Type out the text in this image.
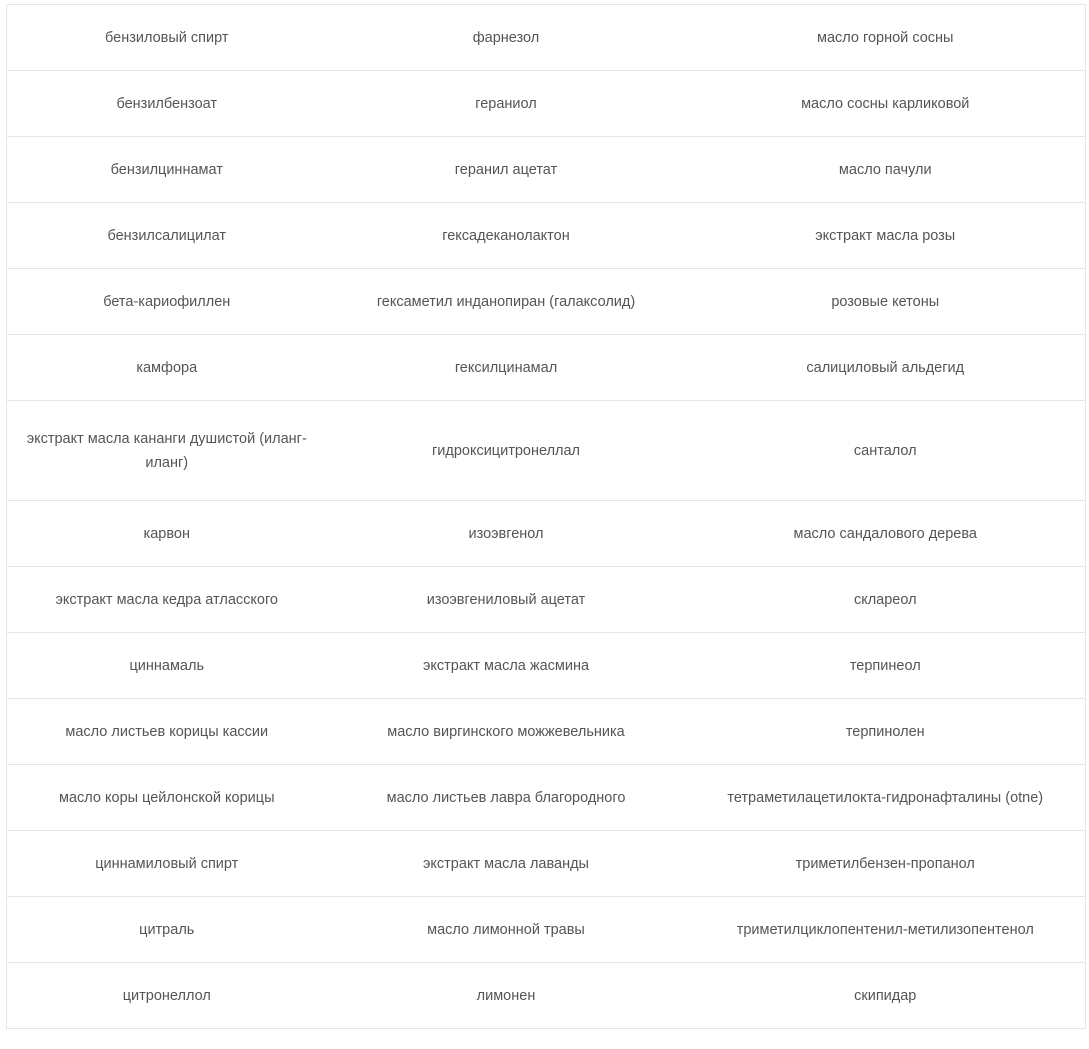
бензиловый спирт	фарнезол	масло горной сосны
бензилбензоат	гераниол	масло сосны карликовой
бензилциннамат	геранил ацетат	масло пачули
бензилсалицилат	гексадеканолактон	экстракт масла розы
бета-кариофиллен	гексаметил инданопиран (галаксолид)	розовые кетоны
камфора	гексилцинамал	салициловый альдегид
экстракт масла кананги душистой (иланг-иланг)	гидроксицитронеллал	санталол
карвон	изоэвгенол	масло сандалового дерева
экстракт масла кедра атласского	изоэвгениловый ацетат	склареол
циннамаль	экстракт масла жасмина	терпинеол
масло листьев корицы кассии	масло виргинского можжевельника	терпинолен
масло коры цейлонской корицы	масло листьев лавра благородного	тетраметилацетилокта-гидронафталины (otne)
циннамиловый спирт	экстракт масла лаванды	триметилбензен-пропанол
цитраль	масло лимонной травы	триметилциклопентенил-метилизопентенол
цитронеллол	лимонен	скипидар
